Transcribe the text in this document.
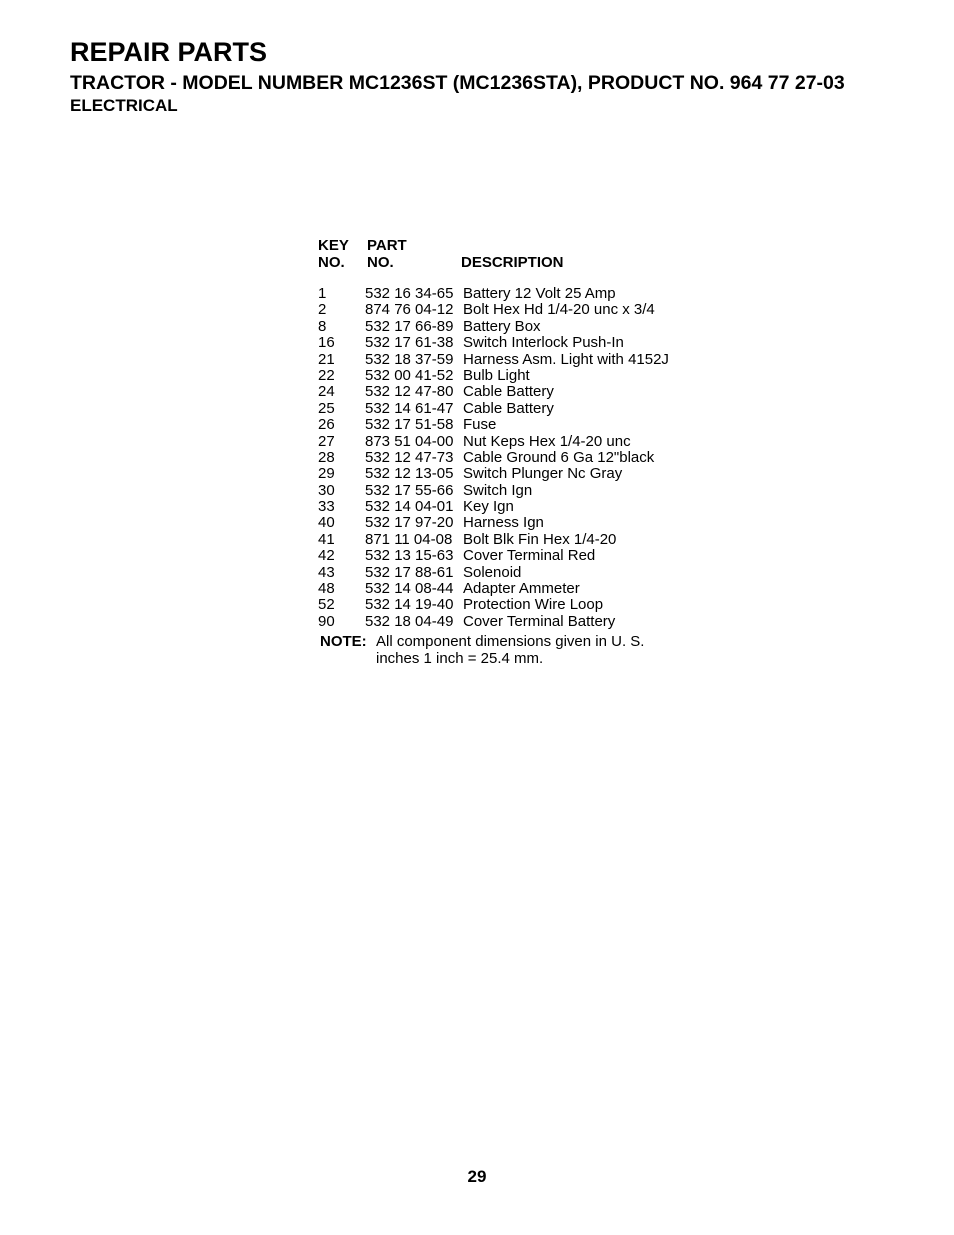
REPAIR PARTS
TRACTOR - MODEL NUMBER MC1236ST (MC1236STA), PRODUCT NO. 964 77 27-03
ELECTRICAL
KEY
NO.
PART
NO.	DESCRIPTION
1	532 16 34-65 Battery 12 Volt 25 Amp
2	874 76 04-12 Bolt Hex Hd 1/4-20 unc x 3/4
8	532 17 66-89 Battery Box
16 532 17 61-38 Switch Interlock Push-In
21 532 18 37-59 Harness Asm. Light with 4152J
22 532 00 41-52 Bulb Light
24 532 12 47-80 Cable Battery
25 532 14 61-47 Cable Battery
26 532 17 51-58 Fuse
27 873 51 04-00 Nut Keps Hex 1/4-20 unc
28 532 12 47-73 Cable Ground 6 Ga 12"black
29 532 12 13-05 Switch Plunger Nc Gray
30 532 17 55-66 Switch Ign
33 532 14 04-01 Key Ign
40 532 17 97-20 Harness Ign
41 871 11 04-08 Bolt Blk Fin Hex 1/4-20
42 532 13 15-63 Cover Terminal Red
43 532 17 88-61 Solenoid
48 532 14 08-44 Adapter Ammeter
52 532 14 19-40 Protection Wire Loop
90 532 18 04-49 Cover Terminal Battery
NOTE: All component dimensions given in U. S.
inches 1 inch = 25.4 mm.
29
